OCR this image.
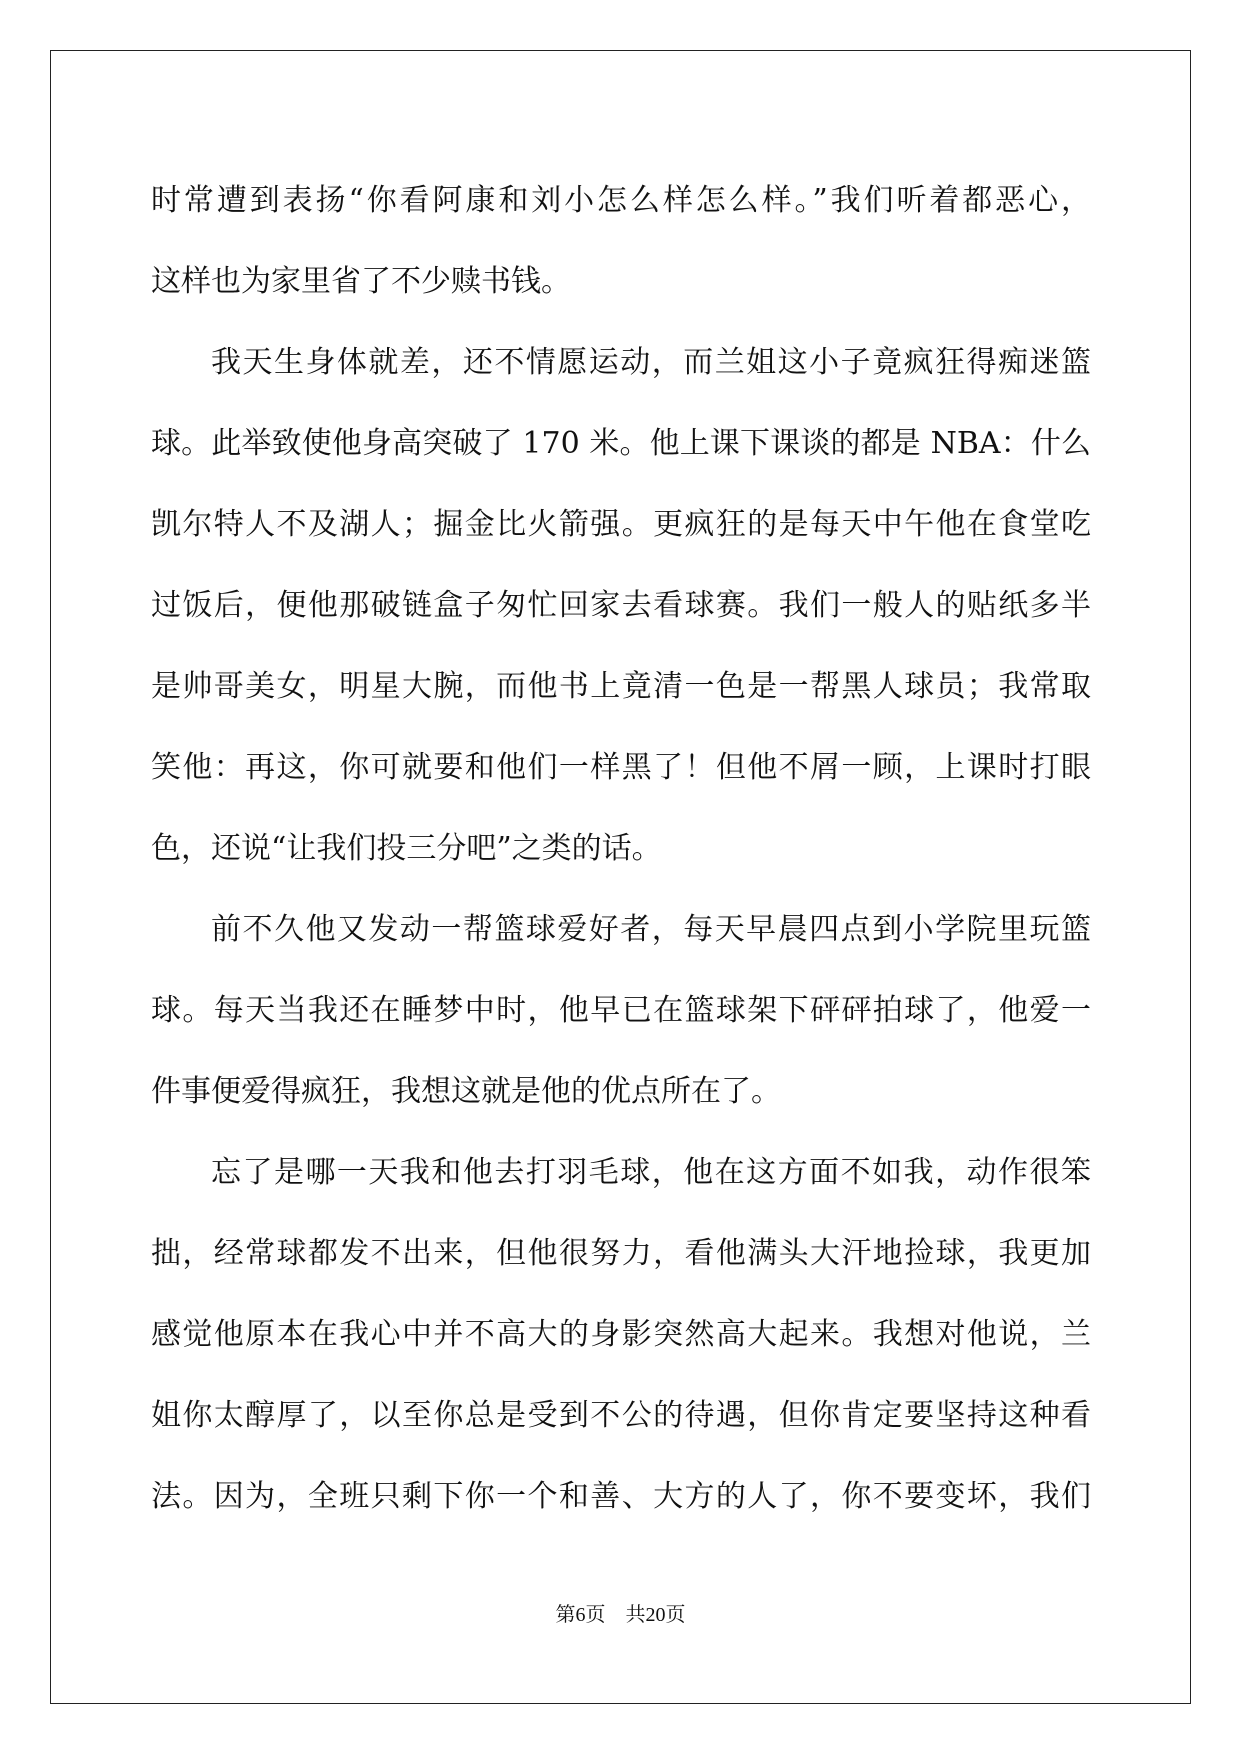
时常遭到表扬“你看阿康和刘小怎么样怎么样。”我们听着都恶心，
这样也为家里省了不少赎书钱。
我天生身体就差，还不情愿运动，而兰姐这小子竟疯狂得痴迷篮
球。此举致使他身高突破了 170 米。他上课下课谈的都是 NBA：什么
凯尔特人不及湖人；掘金比火箭强。更疯狂的是每天中午他在食堂吃
过饭后，便他那破链盒子匆忙回家去看球赛。我们一般人的贴纸多半
是帅哥美女，明星大腕，而他书上竟清一色是一帮黑人球员；我常取
笑他：再这，你可就要和他们一样黑了！但他不屑一顾，上课时打眼
色，还说“让我们投三分吧”之类的话。
前不久他又发动一帮篮球爱好者，每天早晨四点到小学院里玩篮
球。每天当我还在睡梦中时，他早已在篮球架下砰砰拍球了，他爱一
件事便爱得疯狂，我想这就是他的优点所在了。
忘了是哪一天我和他去打羽毛球，他在这方面不如我，动作很笨
拙，经常球都发不出来，但他很努力，看他满头大汗地捡球，我更加
感觉他原本在我心中并不高大的身影突然高大起来。我想对他说，兰
姐你太醇厚了，以至你总是受到不公的待遇，但你肯定要坚持这种看
法。因为，全班只剩下你一个和善、大方的人了，你不要变坏，我们
第6页 共20页
